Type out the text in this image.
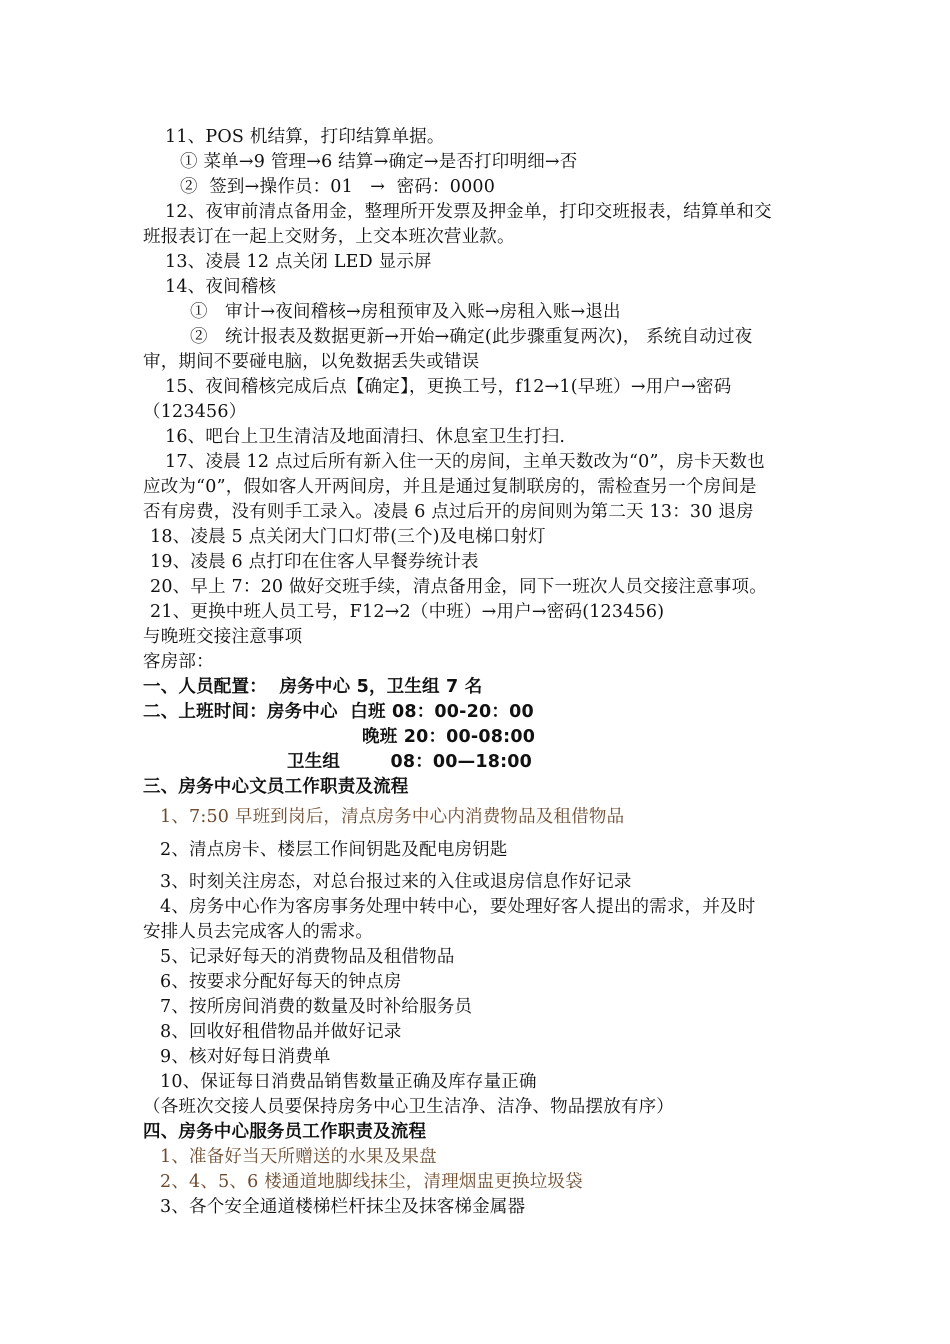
11、POS 机结算，打印结算单据。
① 菜单→9 管理→6 结算→确定→是否打印明细→否
②  签到→操作员：01   →  密码：0000
12、夜审前清点备用金，整理所开发票及押金单，打印交班报表，结算单和交
班报表订在一起上交财务，上交本班次营业款。
13、凌晨 12 点关闭 LED 显示屏
14、夜间稽核
①   审计→夜间稽核→房租预审及入账→房租入账→退出
②   统计报表及数据更新→开始→确定(此步骤重复两次)， 系统自动过夜
审，期间不要碰电脑，以免数据丢失或错误
15、夜间稽核完成后点【确定】，更换工号，f12→1(早班）→用户→密码
（123456）
16、吧台上卫生清洁及地面清扫、休息室卫生打扫.
17、凌晨 12 点过后所有新入住一天的房间，主单天数改为“0”，房卡天数也
应改为“0”，假如客人开两间房，并且是通过复制联房的，需检查另一个房间是
否有房费，没有则手工录入。凌晨 6 点过后开的房间则为第二天 13：30 退房
18、凌晨 5 点关闭大门口灯带(三个)及电梯口射灯
19、凌晨 6 点打印在住客人早餐券统计表
20、早上 7：20 做好交班手续，清点备用金，同下一班次人员交接注意事项。
21、更换中班人员工号，F12→2（中班）→用户→密码(123456)
与晚班交接注意事项
客房部：
一、人员配置：  房务中心 5，卫生组 7 名
二、上班时间：房务中心  白班 08：00-20：00
晚班 20：00-08:00
卫生组        08：00—18:00
三、房务中心文员工作职责及流程
1、7:50 早班到岗后，清点房务中心内消费物品及租借物品
2、清点房卡、楼层工作间钥匙及配电房钥匙
3、时刻关注房态，对总台报过来的入住或退房信息作好记录
4、房务中心作为客房事务处理中转中心，要处理好客人提出的需求，并及时
安排人员去完成客人的需求。
5、记录好每天的消费物品及租借物品
6、按要求分配好每天的钟点房
7、按所房间消费的数量及时补给服务员
8、回收好租借物品并做好记录
9、核对好每日消费单
10、保证每日消费品销售数量正确及库存量正确
（各班次交接人员要保持房务中心卫生洁净、洁净、物品摆放有序）
四、房务中心服务员工作职责及流程
1、准备好当天所赠送的水果及果盘
2、4、5、6 楼通道地脚线抹尘，清理烟盅更换垃圾袋
3、各个安全通道楼梯栏杆抹尘及抹客梯金属器
